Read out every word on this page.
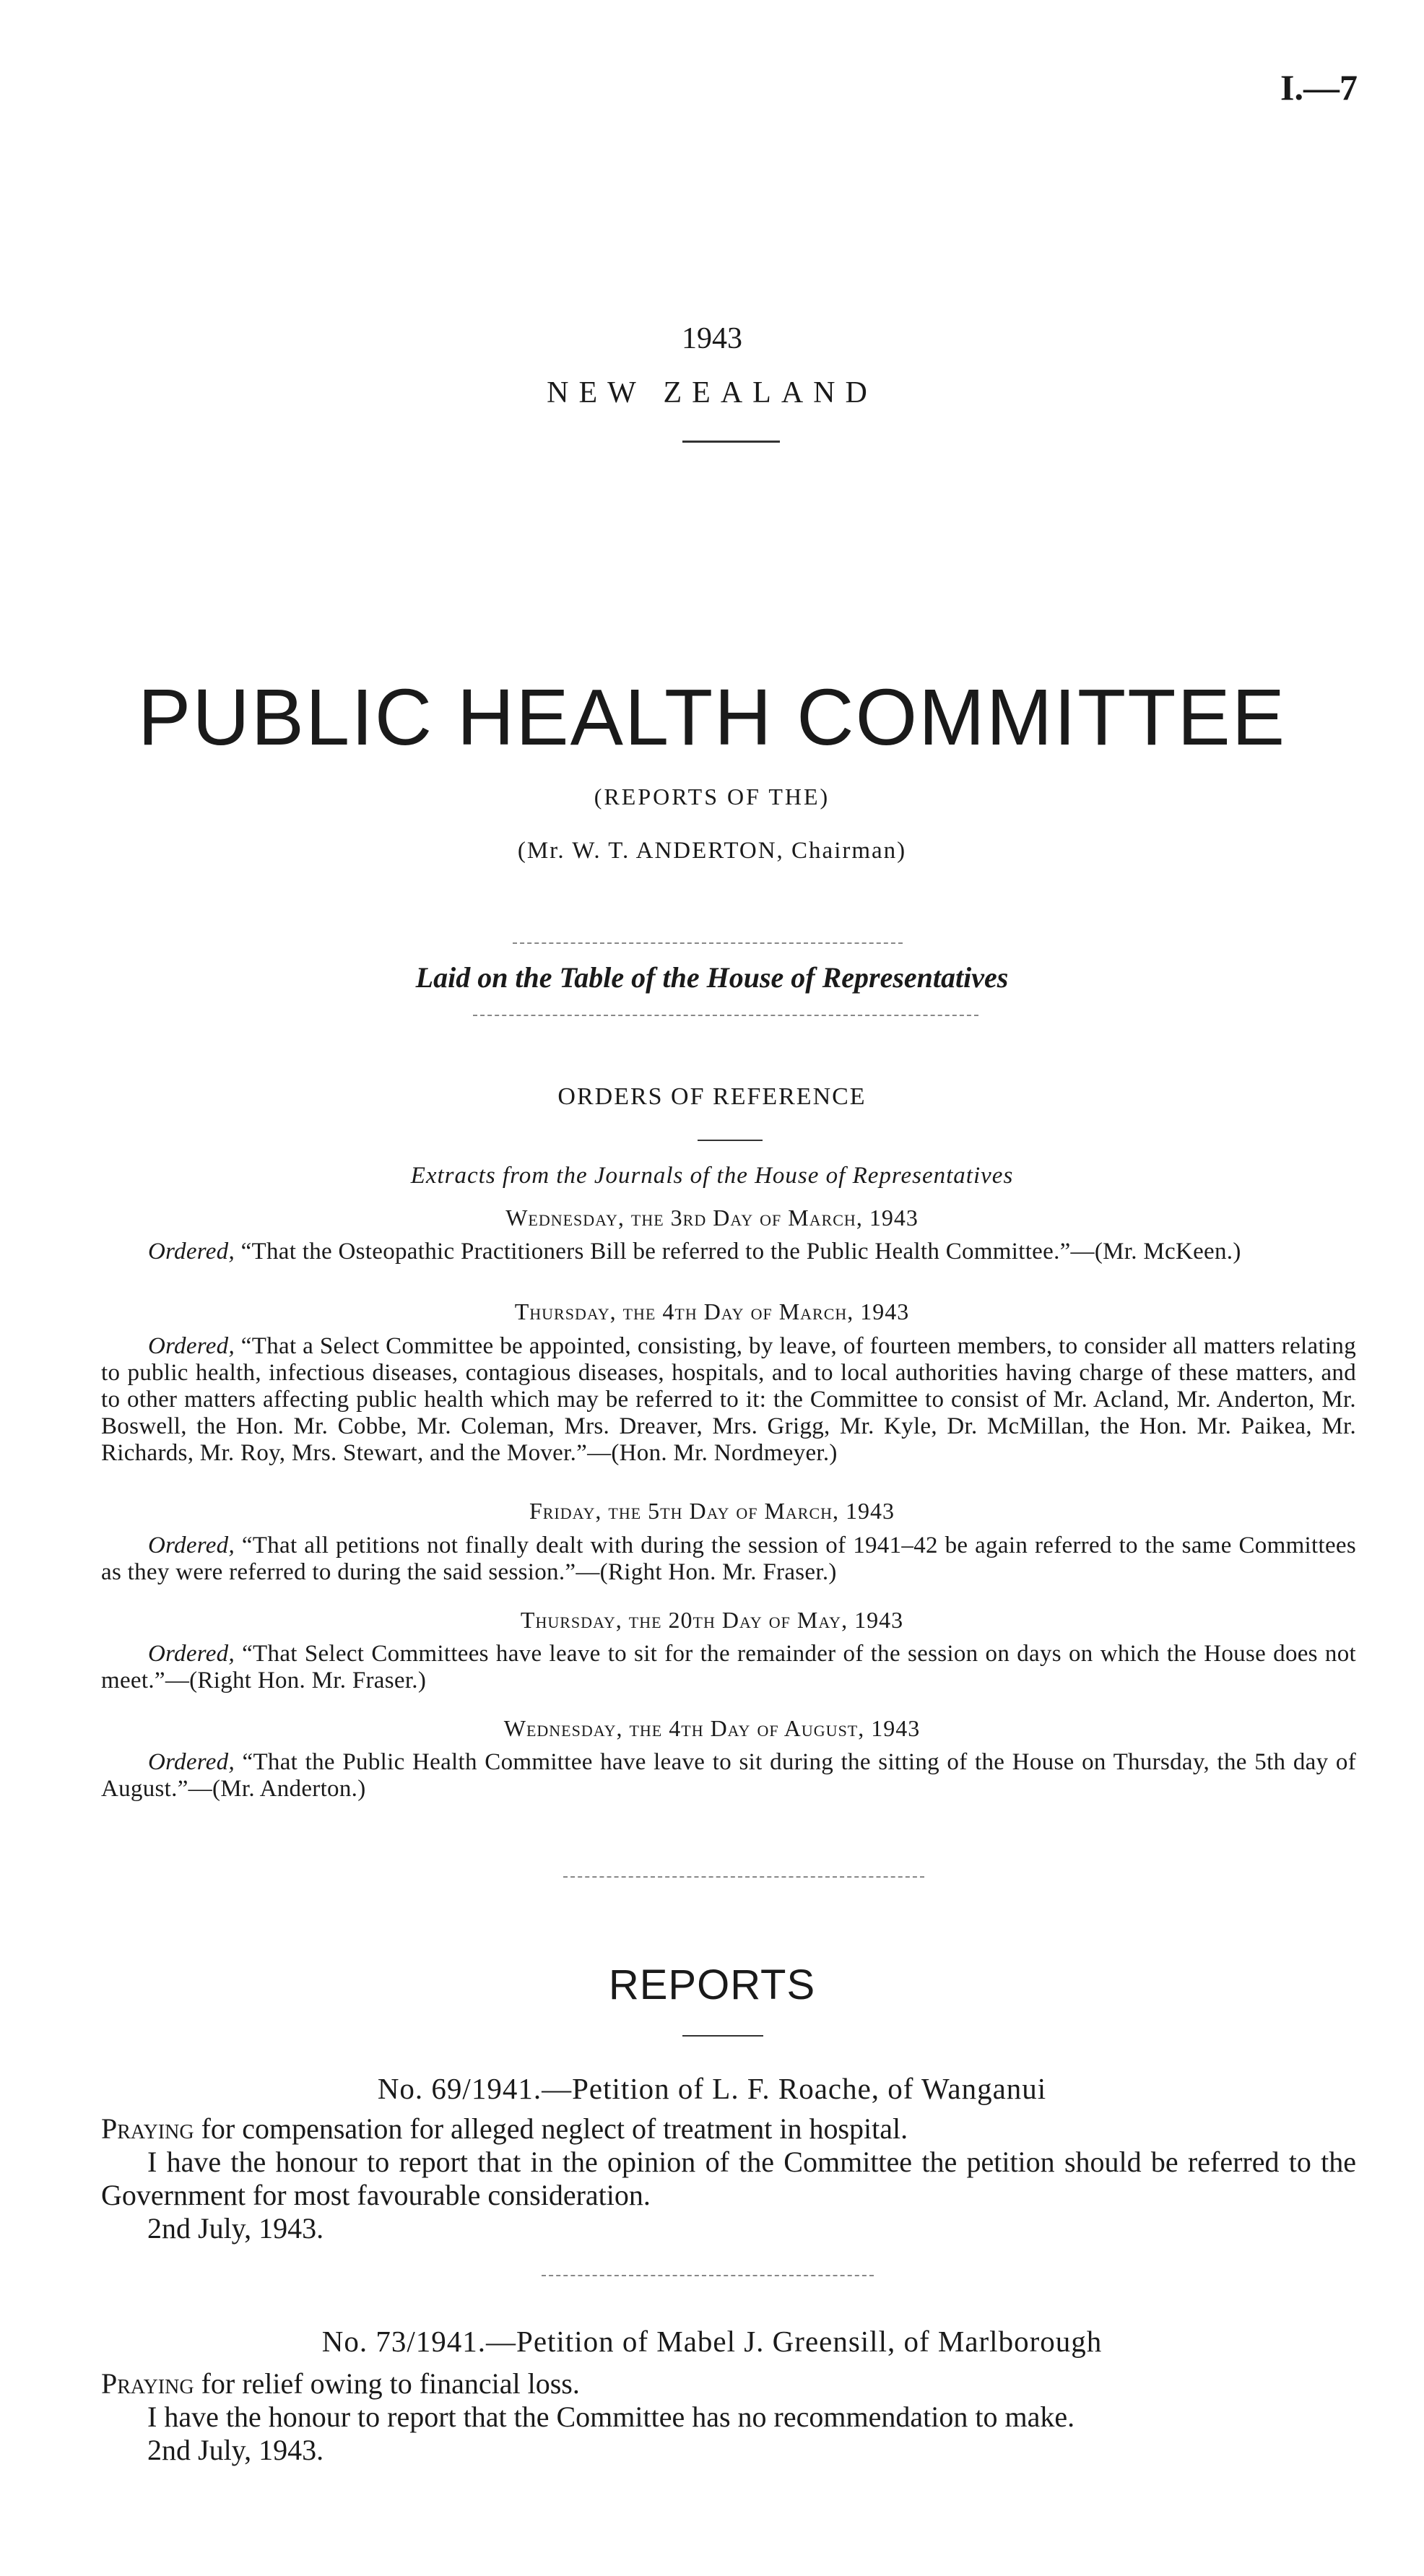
I.—7
1943
NEW ZEALAND
PUBLIC HEALTH COMMITTEE
(REPORTS OF THE)
(Mr. W. T. ANDERTON, Chairman)
Laid on the Table of the House of Representatives
ORDERS OF REFERENCE
Extracts from the Journals of the House of Representatives
Wednesday, the 3rd Day of March, 1943
Ordered, “That the Osteopathic Practitioners Bill be referred to the Public Health Committee.”—(Mr. McKeen.)
Thursday, the 4th Day of March, 1943
Ordered, “That a Select Committee be appointed, consisting, by leave, of fourteen members, to consider all matters relating to public health, infectious diseases, contagious diseases, hospitals, and to local authorities having charge of these matters, and to other matters affecting public health which may be referred to it: the Committee to consist of Mr. Acland, Mr. Anderton, Mr. Boswell, the Hon. Mr. Cobbe, Mr. Coleman, Mrs. Dreaver, Mrs. Grigg, Mr. Kyle, Dr. McMillan, the Hon. Mr. Paikea, Mr. Richards, Mr. Roy, Mrs. Stewart, and the Mover.”—(Hon. Mr. Nordmeyer.)
Friday, the 5th Day of March, 1943
Ordered, “That all petitions not finally dealt with during the session of 1941–42 be again referred to the same Committees as they were referred to during the said session.”—(Right Hon. Mr. Fraser.)
Thursday, the 20th Day of May, 1943
Ordered, “That Select Committees have leave to sit for the remainder of the session on days on which the House does not meet.”—(Right Hon. Mr. Fraser.)
Wednesday, the 4th Day of August, 1943
Ordered, “That the Public Health Committee have leave to sit during the sitting of the House on Thursday, the 5th day of August.”—(Mr. Anderton.)
REPORTS
No. 69/1941.—Petition of L. F. Roache, of Wanganui
Praying for compensation for alleged neglect of treatment in hospital.
I have the honour to report that in the opinion of the Committee the petition should be referred to the Government for most favourable consideration.
2nd July, 1943.
No. 73/1941.—Petition of Mabel J. Greensill, of Marlborough
Praying for relief owing to financial loss.
I have the honour to report that the Committee has no recommendation to make.
2nd July, 1943.
